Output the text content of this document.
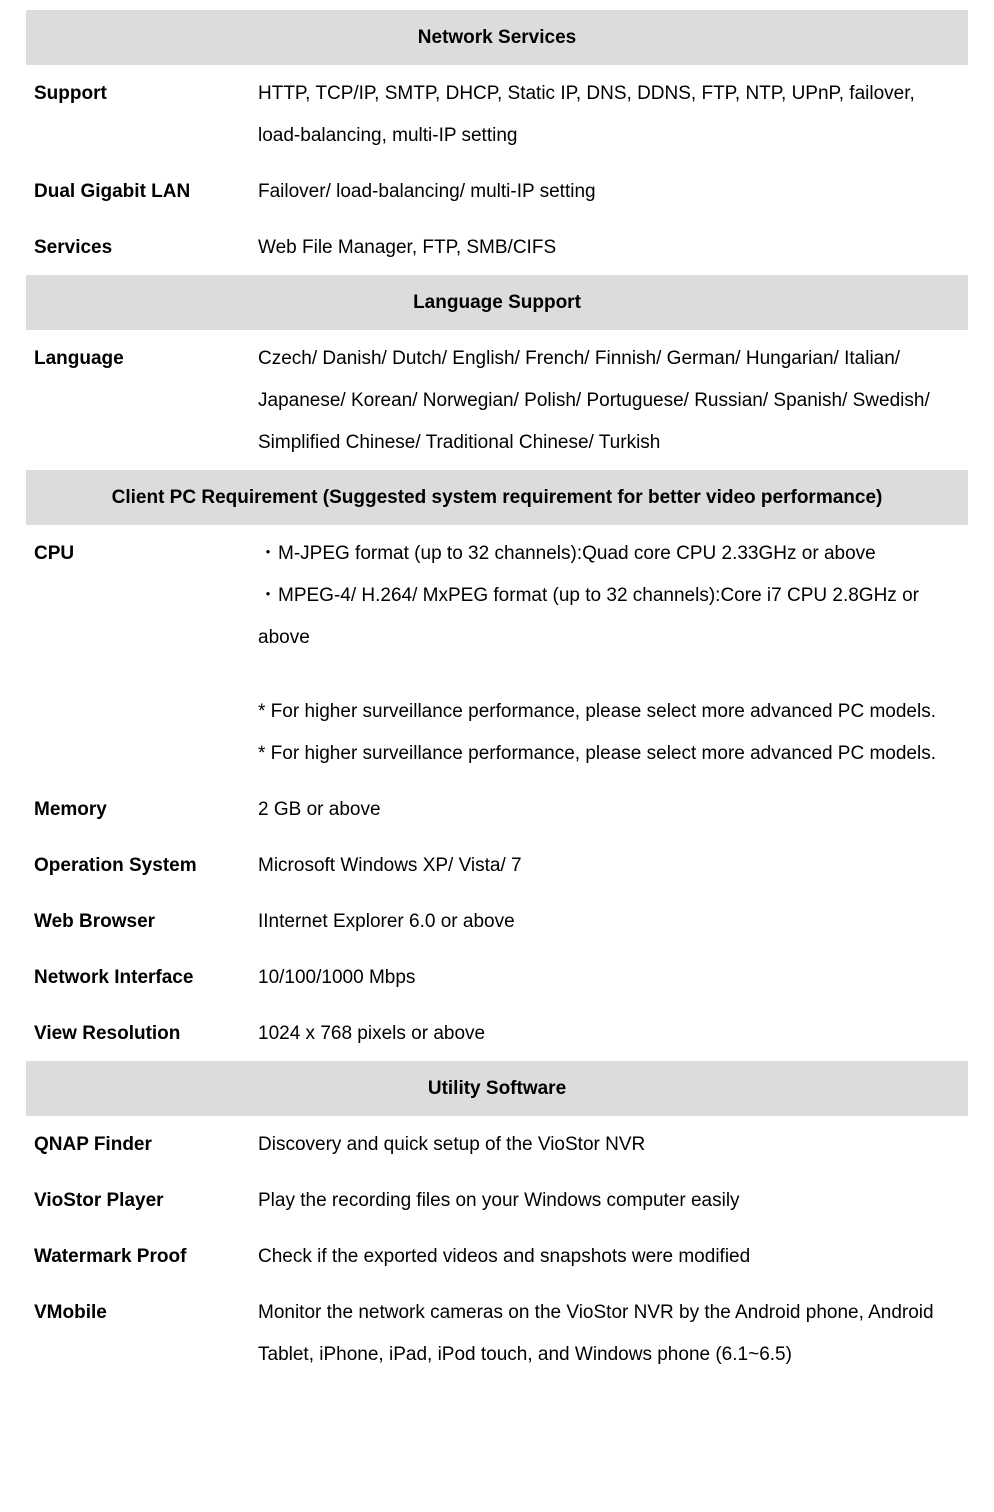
Network Services
Support	HTTP, TCP/IP, SMTP, DHCP, Static IP, DNS, DDNS, FTP, NTP, UPnP, failover,
load-balancing, multi-IP setting
Dual Gigabit LAN	Failover/ load-balancing/ multi-IP setting
Services	Web File Manager, FTP, SMB/CIFS
Language Support
Language	Czech/ Danish/ Dutch/ English/ French/ Finnish/ German/ Hungarian/ Italian/
Japanese/ Korean/ Norwegian/ Polish/ Portuguese/ Russian/ Spanish/ Swedish/
Simplified Chinese/ Traditional Chinese/ Turkish
Client PC Requirement (Suggested system requirement for better video performance)
CPU	・M-JPEG format (up to 32 channels):Quad core CPU 2.33GHz or above
・MPEG-4/ H.264/ MxPEG format (up to 32 channels):Core i7 CPU 2.8GHz or
above
* For higher surveillance performance, please select more advanced PC models.
* For higher surveillance performance, please select more advanced PC models.
Memory	2 GB or above
Operation System	Microsoft Windows XP/ Vista/ 7
Web Browser	IInternet Explorer 6.0 or above
Network Interface	10/100/1000 Mbps
View Resolution	1024 x 768 pixels or above
Utility Software
QNAP Finder	Discovery and quick setup of the VioStor NVR
VioStor Player	Play the recording files on your Windows computer easily
Watermark Proof	Check if the exported videos and snapshots were modified
VMobile	Monitor the network cameras on the VioStor NVR by the Android phone, Android
Tablet, iPhone, iPad, iPod touch, and Windows phone (6.1~6.5)
